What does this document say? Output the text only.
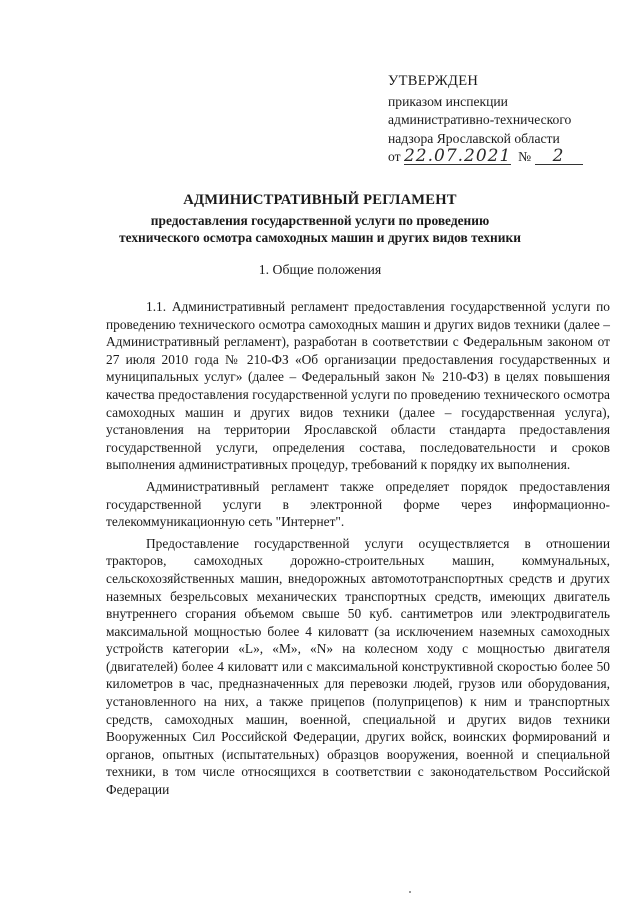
УТВЕРЖДЕН
приказом инспекции
административно-технического
надзора Ярославской области
от 22.07.2021 № 2
АДМИНИСТРАТИВНЫЙ РЕГЛАМЕНТ
предоставления государственной услуги по проведению
технического осмотра самоходных машин и других видов техники
1. Общие положения

1.1. Административный регламент предоставления государственной услуги по проведению технического осмотра самоходных машин и других видов техники (далее – Административный регламент), разработан в соответствии с Федеральным законом от 27 июля 2010 года № 210-ФЗ «Об организации предоставления государственных и муниципальных услуг» (далее – Федеральный закон № 210-ФЗ) в целях повышения качества предоставления государственной услуги по проведению технического осмотра самоходных машин и других видов техники (далее – государственная услуга), установления на территории Ярославской области стандарта предоставления государственной услуги, определения состава, последовательности и сроков выполнения административных процедур, требований к порядку их выполнения.

Административный регламент также определяет порядок предоставления государственной услуги в электронной форме через информационно-телекоммуникационную сеть "Интернет".

Предоставление государственной услуги осуществляется в отношении тракторов, самоходных дорожно-строительных машин, коммунальных, сельскохозяйственных машин, внедорожных автомототранспортных средств и других наземных безрельсовых механических транспортных средств, имеющих двигатель внутреннего сгорания объемом свыше 50 куб. сантиметров или электродвигатель максимальной мощностью более 4 киловатт (за исключением наземных самоходных устройств категории «L», «M», «N» на колесном ходу с мощностью двигателя (двигателей) более 4 киловатт или с максимальной конструктивной скоростью более 50 километров в час, предназначенных для перевозки людей, грузов или оборудования, установленного на них, а также прицепов (полуприцепов) к ним и транспортных средств, самоходных машин, военной, специальной и других видов техники Вооруженных Сил Российской Федерации, других войск, воинских формирований и органов, опытных (испытательных) образцов вооружения, военной и специальной техники, в том числе относящихся в соответствии с законодательством Российской Федерации
